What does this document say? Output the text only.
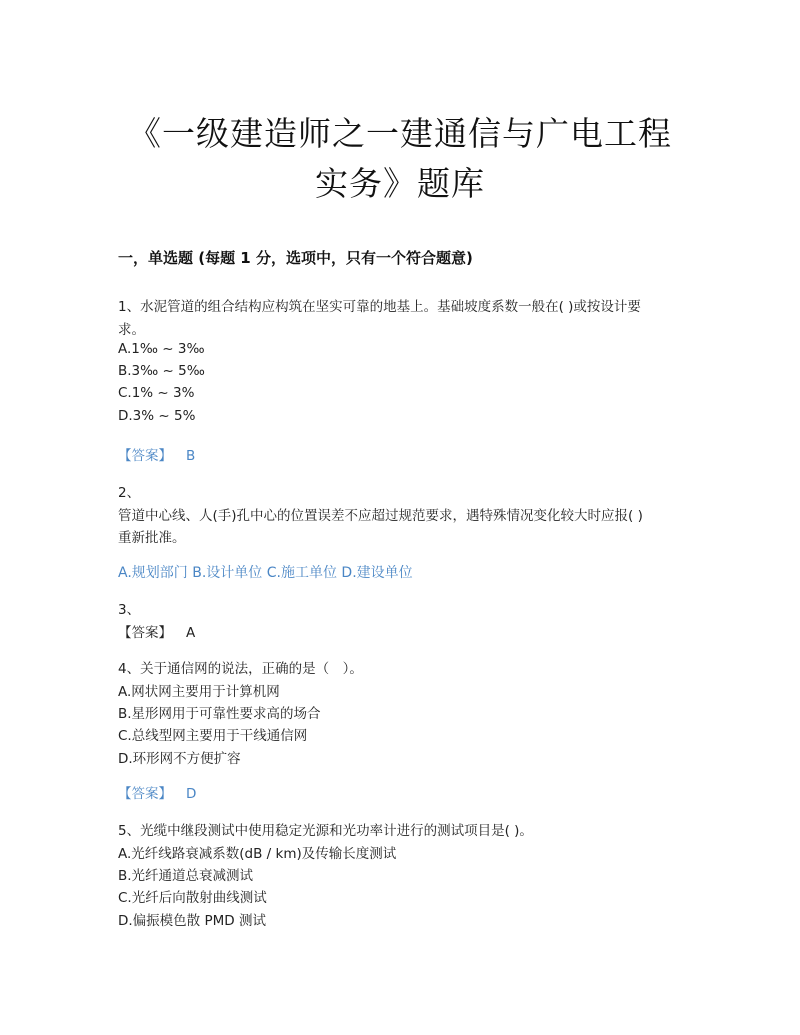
《一级建造师之一建通信与广电工程
实务》题库
一，单选题 (每题 1 分，选项中，只有一个符合题意)
1、水泥管道的组合结构应构筑在坚实可靠的地基上。基础坡度系数一般在( )或按设计要
求。
A.1‰ ~ 3‰
B.3‰ ~ 5‰
C.1% ~ 3%
D.3% ~ 5%
【答案】 B
2、
管道中心线、人(手)孔中心的位置误差不应超过规范要求，遇特殊情况变化较大时应报( )
重新批准。
A.规划部门 B.设计单位 C.施工单位 D.建设单位
3、
【答案】 A
4、关于通信网的说法，正确的是（　）。
A.网状网主要用于计算机网
B.星形网用于可靠性要求高的场合
C.总线型网主要用于干线通信网
D.环形网不方便扩容
【答案】 D
5、光缆中继段测试中使用稳定光源和光功率计进行的测试项目是( )。
A.光纤线路衰减系数(dB / km)及传输长度测试
B.光纤通道总衰减测试
C.光纤后向散射曲线测试
D.偏振模色散 PMD 测试
